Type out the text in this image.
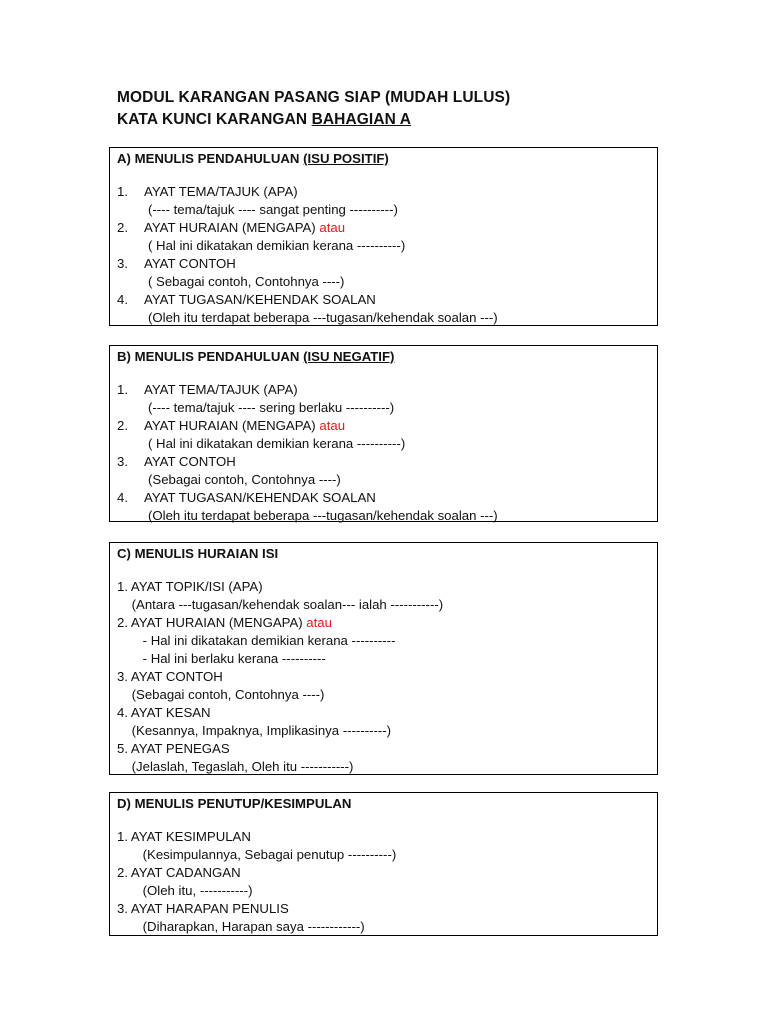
MODUL KARANGAN PASANG SIAP (MUDAH LULUS)
KATA KUNCI KARANGAN BAHAGIAN A
A) MENULIS PENDAHULUAN (ISU POSITIF)
1. AYAT TEMA/TAJUK (APA)
(---- tema/tajuk ---- sangat penting ----------)
2. AYAT HURAIAN (MENGAPA) atau
( Hal ini dikatakan demikian kerana ----------)
3. AYAT CONTOH
( Sebagai contoh, Contohnya ----)
4. AYAT TUGASAN/KEHENDAK SOALAN
(Oleh itu terdapat beberapa ---tugasan/kehendak soalan ---)
B) MENULIS PENDAHULUAN (ISU NEGATIF)
1. AYAT TEMA/TAJUK (APA)
(---- tema/tajuk ---- sering berlaku ----------)
2. AYAT HURAIAN (MENGAPA) atau
( Hal ini dikatakan demikian kerana ----------)
3. AYAT CONTOH
(Sebagai contoh, Contohnya ----)
4. AYAT TUGASAN/KEHENDAK SOALAN
(Oleh itu terdapat beberapa ---tugasan/kehendak soalan ---)
C) MENULIS HURAIAN ISI
1. AYAT TOPIK/ISI (APA)
(Antara ---tugasan/kehendak soalan--- ialah -----------)
2. AYAT HURAIAN (MENGAPA) atau
- Hal ini dikatakan demikian kerana ----------
- Hal ini berlaku kerana ----------
3. AYAT CONTOH
(Sebagai contoh, Contohnya ----)
4. AYAT KESAN
(Kesannya, Impaknya, Implikasinya ----------)
5. AYAT PENEGAS
(Jelaslah, Tegaslah, Oleh itu -----------)
D) MENULIS PENUTUP/KESIMPULAN
1. AYAT KESIMPULAN
(Kesimpulannya, Sebagai penutup ----------)
2. AYAT CADANGAN
(Oleh itu, -----------)
3. AYAT HARAPAN PENULIS
(Diharapkan, Harapan saya ------------)
